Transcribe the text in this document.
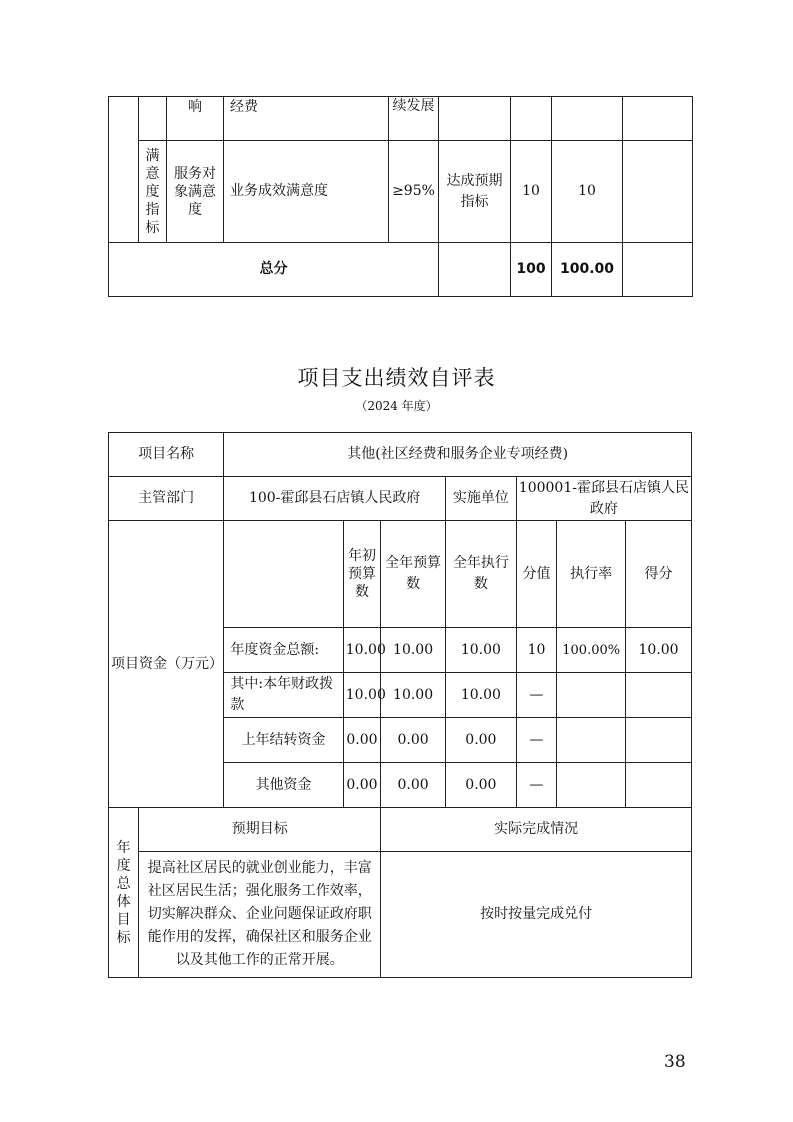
		响	经费	续发展				
	满意度指标	服务对象满意度	业务成效满意度	≥95%	达成预期指标	10	10	
总分						100	100.00	
项目支出绩效自评表
（2024 年度）
项目名称		其他(社区经费和服务企业专项经费)						
主管部门		100-霍邱县石店镇人民政府			实施单位	100001-霍邱县石店镇人民政府		
项目资金（万元）			年初预算数	全年预算数	全年执行数	分值	执行率	得分
		年度资金总额:	10.00	10.00	10.00	10	100.00%	10.00
		其中:本年财政拨款	10.00	10.00	10.00	—		
		上年结转资金	0.00	0.00	0.00	—		
		其他资金	0.00	0.00	0.00	—		
年度总体目标	预期目标			实际完成情况				
	提高社区居民的就业创业能力，丰富社区居民生活；强化服务工作效率，切实解决群众、企业问题保证政府职能作用的发挥，确保社区和服务企业以及其他工作的正常开展。			按时按量完成兑付				
38
